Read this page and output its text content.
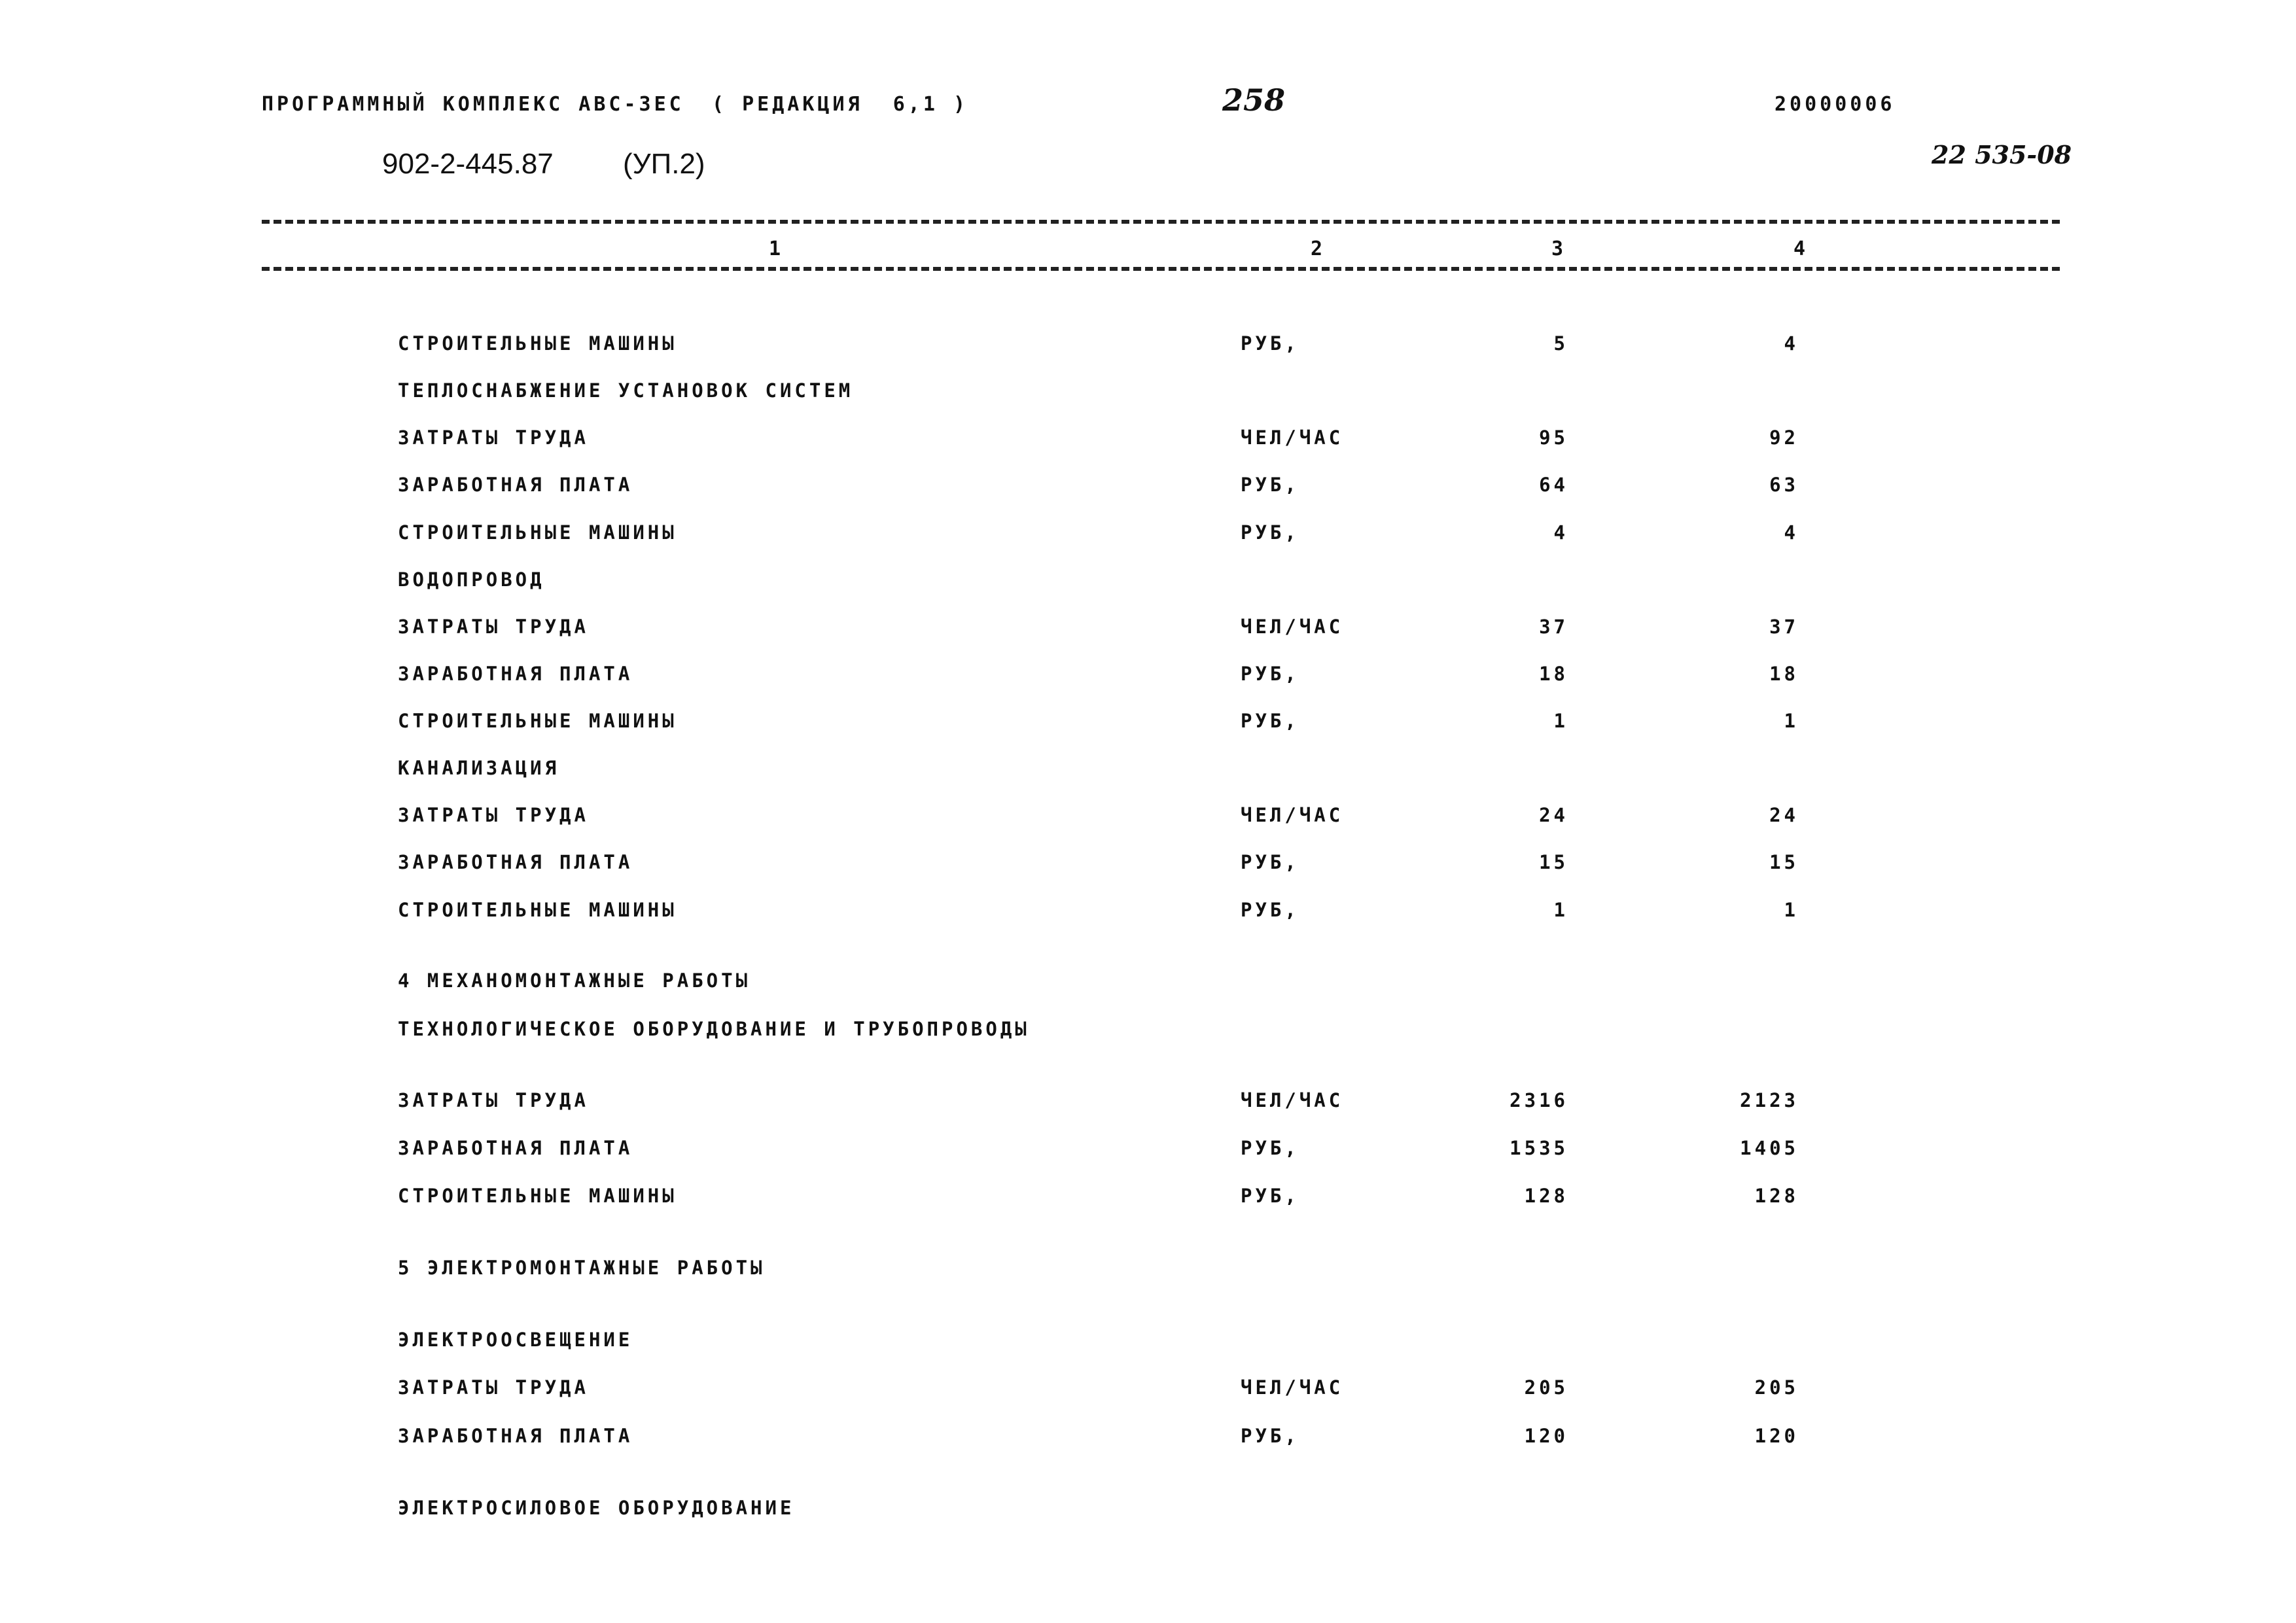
ПРОГРАММНЫЙ КОМПЛЕКС АВС-ЗЕС ( РЕДАКЦИЯ  6,1 )	258	20000006
902-2-445.87 (УП.2)	22 535-08
1	2	3	4
СТРОИТЕЛЬНЫЕ МАШИНЫ	РУБ,	5	4
ТЕПЛОСНАБЖЕНИЕ УСТАНОВОК СИСТЕМ
ЗАТРАТЫ ТРУДА	ЧЕЛ/ЧАС	95	92
ЗАРАБОТНАЯ ПЛАТА	РУБ,	64	63
СТРОИТЕЛЬНЫЕ МАШИНЫ	РУБ,	4	4
ВОДОПРОВОД
ЗАТРАТЫ ТРУДА	ЧЕЛ/ЧАС	37	37
ЗАРАБОТНАЯ ПЛАТА	РУБ,	18	18
СТРОИТЕЛЬНЫЕ МАШИНЫ	РУБ,	1	1
КАНАЛИЗАЦИЯ
ЗАТРАТЫ ТРУДА	ЧЕЛ/ЧАС	24	24
ЗАРАБОТНАЯ ПЛАТА	РУБ,	15	15
СТРОИТЕЛЬНЫЕ МАШИНЫ	РУБ,	1	1
4 МЕХАНОМОНТАЖНЫЕ РАБОТЫ
ТЕХНОЛОГИЧЕСКОЕ ОБОРУДОВАНИЕ И ТРУБОПРОВОДЫ
ЗАТРАТЫ ТРУДА	ЧЕЛ/ЧАС	2316	2123
ЗАРАБОТНАЯ ПЛАТА	РУБ,	1535	1405
СТРОИТЕЛЬНЫЕ МАШИНЫ	РУБ,	128	128
5 ЭЛЕКТРОМОНТАЖНЫЕ РАБОТЫ
ЭЛЕКТРООСВЕЩЕНИЕ
ЗАТРАТЫ ТРУДА	ЧЕЛ/ЧАС	205	205
ЗАРАБОТНАЯ ПЛАТА	РУБ,	120	120
ЭЛЕКТРОСИЛОВОЕ ОБОРУДОВАНИЕ
